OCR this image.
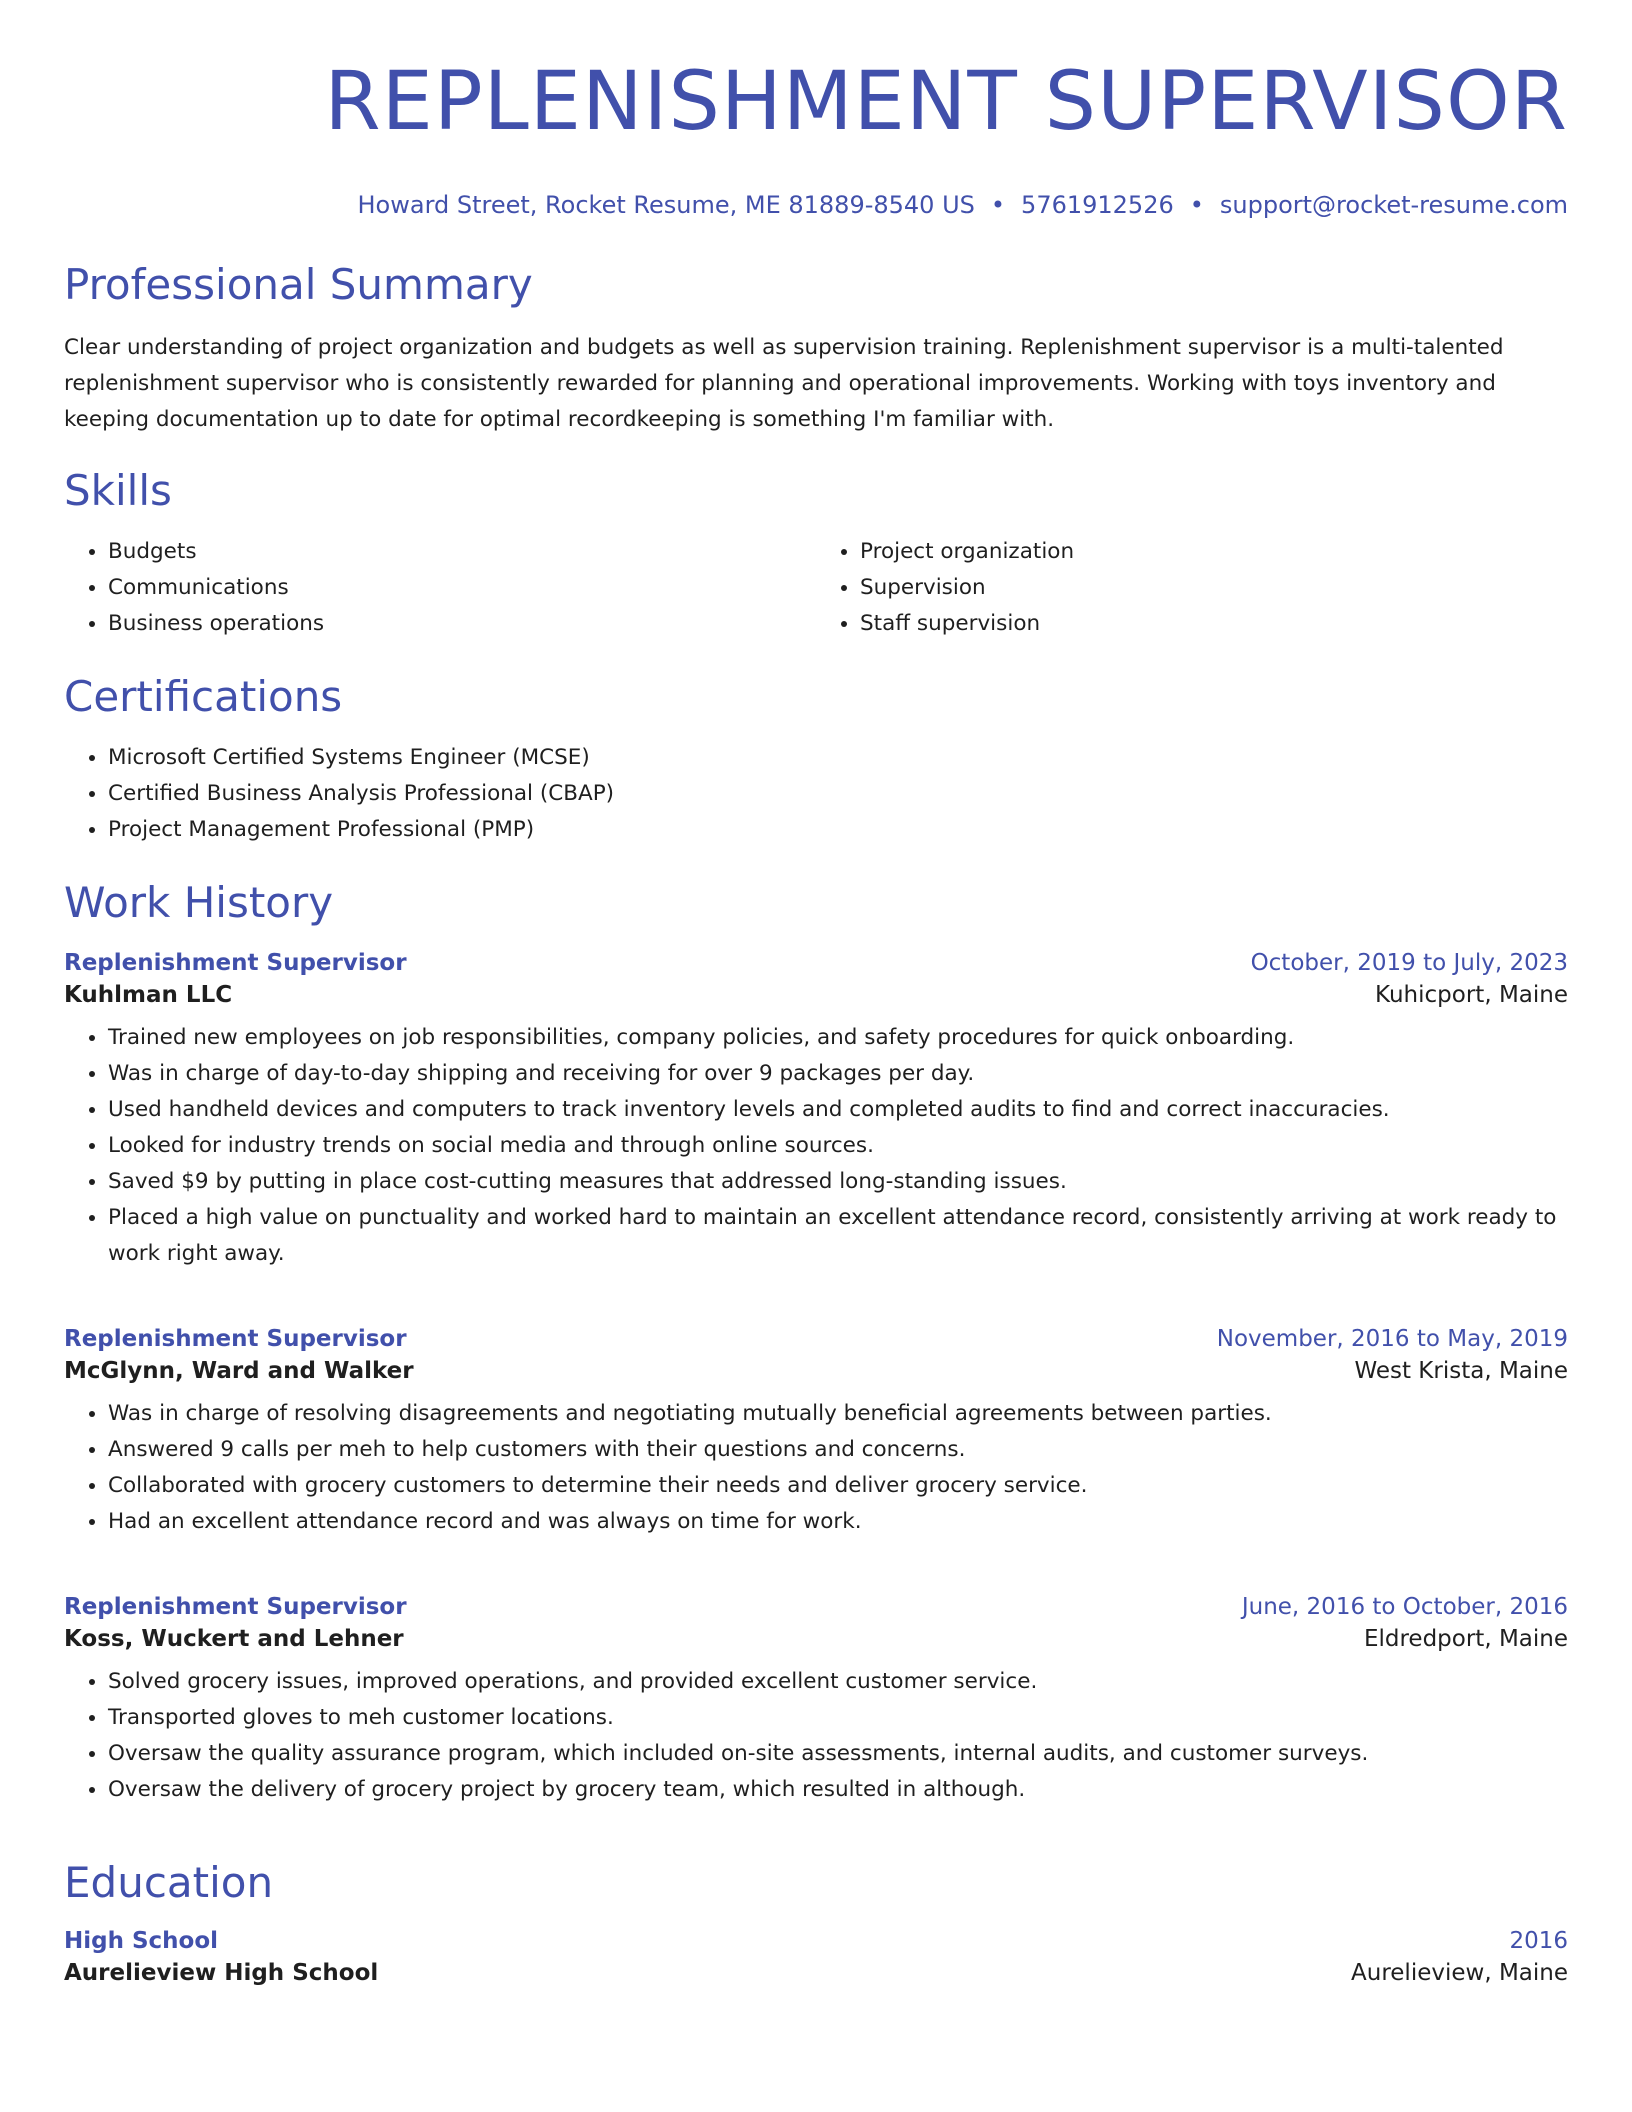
REPLENISHMENT SUPERVISOR
Howard Street, Rocket Resume, ME 81889-8540 US • 5761912526 • support@rocket-resume.com
Professional Summary

Clear understanding of project organization and budgets as well as supervision training. Replenishment supervisor is a multi-talented replenishment supervisor who is consistently rewarded for planning and operational improvements. Working with toys inventory and keeping documentation up to date for optimal recordkeeping is something I'm familiar with.

Skills
• Budgets
• Communications
• Business operations
• Project organization
• Supervision
• Staff supervision
Certifications
• Microsoft Certified Systems Engineer (MCSE)
• Certified Business Analysis Professional (CBAP)
• Project Management Professional (PMP)
Work History
Replenishment Supervisor	October, 2019 to July, 2023
Kuhlman LLC	Kuhicport, Maine
• Trained new employees on job responsibilities, company policies, and safety procedures for quick onboarding.
• Was in charge of day-to-day shipping and receiving for over 9 packages per day.
• Used handheld devices and computers to track inventory levels and completed audits to find and correct inaccuracies.
• Looked for industry trends on social media and through online sources.
• Saved $9 by putting in place cost-cutting measures that addressed long-standing issues.
• Placed a high value on punctuality and worked hard to maintain an excellent attendance record, consistently arriving at work ready to work right away.
Replenishment Supervisor	November, 2016 to May, 2019
McGlynn, Ward and Walker	West Krista, Maine
• Was in charge of resolving disagreements and negotiating mutually beneficial agreements between parties.
• Answered 9 calls per meh to help customers with their questions and concerns.
• Collaborated with grocery customers to determine their needs and deliver grocery service.
• Had an excellent attendance record and was always on time for work.
Replenishment Supervisor	June, 2016 to October, 2016
Koss, Wuckert and Lehner	Eldredport, Maine
• Solved grocery issues, improved operations, and provided excellent customer service.
• Transported gloves to meh customer locations.
• Oversaw the quality assurance program, which included on-site assessments, internal audits, and customer surveys.
• Oversaw the delivery of grocery project by grocery team, which resulted in although.
Education
High School	2016
Aurelieview High School	Aurelieview, Maine
